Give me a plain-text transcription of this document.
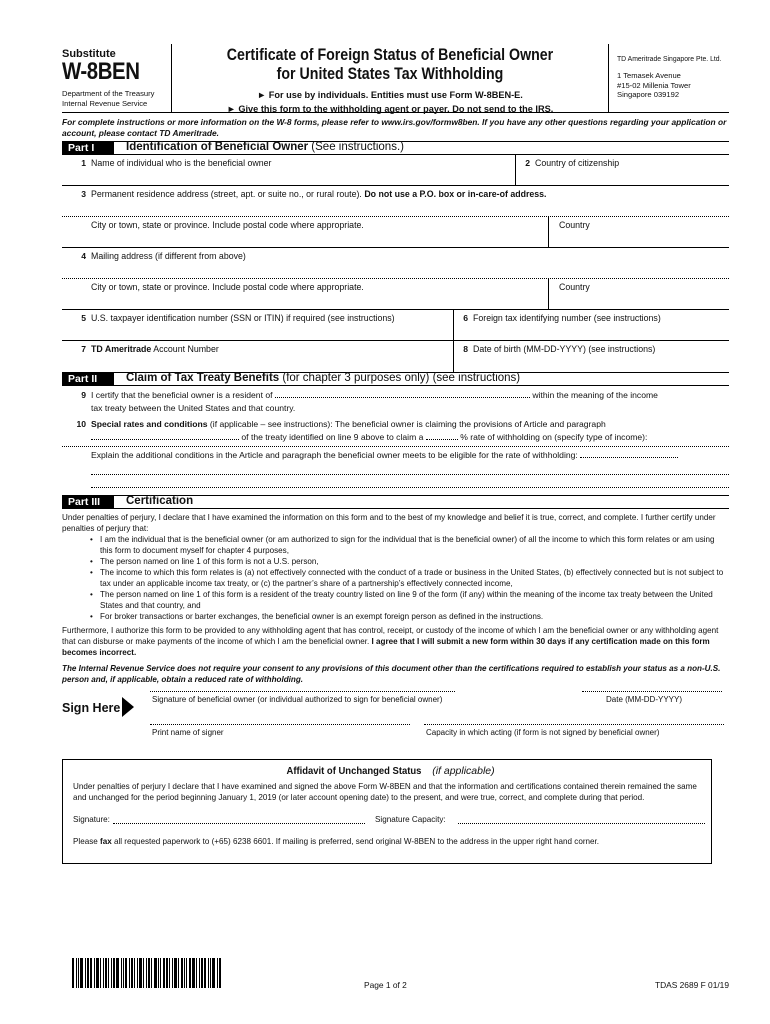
Substitute
W-8BEN
Department of the Treasury
Internal Revenue Service
Certificate of Foreign Status of Beneficial Owner
for United States Tax Withholding
► For use by individuals. Entities must use Form W-8BEN-E.
► Give this form to the withholding agent or payer. Do not send to the IRS.
TD Ameritrade Singapore Pte. Ltd.
1 Temasek Avenue
#15-02 Millenia Tower
Singapore 039192
For complete instructions or more information on the W-8 forms, please refer to www.irs.gov/formw8ben. If you have any other questions regarding your application or account, please contact TD Ameritrade.
Part I	Identification of Beneficial Owner (See instructions.)
1 Name of individual who is the beneficial owner	2 Country of citizenship
3 Permanent residence address (street, apt. or suite no., or rural route). Do not use a P.O. box or in-care-of address.
City or town, state or province. Include postal code where appropriate.	Country
4 Mailing address (if different from above)
City or town, state or province. Include postal code where appropriate.	Country
5 U.S. taxpayer identification number (SSN or ITIN) if required (see instructions)	6 Foreign tax identifying number (see instructions)
7 TD Ameritrade Account Number	8 Date of birth (MM-DD-YYYY) (see instructions)
Part II	Claim of Tax Treaty Benefits (for chapter 3 purposes only) (see instructions)
9 I certify that the beneficial owner is a resident of	within the meaning of the income
tax treaty between the United States and that country.
10 Special rates and conditions (if applicable – see instructions): The beneficial owner is claiming the provisions of Article and paragraph
of the treaty identified on line 9 above to claim a	% rate of withholding on (specify type of income):
Explain the additional conditions in the Article and paragraph the beneficial owner meets to be eligible for the rate of withholding:
Part III	Certification
Under penalties of perjury, I declare that I have examined the information on this form and to the best of my knowledge and belief it is true, correct, and complete. I further certify under penalties of perjury that:
• I am the individual that is the beneficial owner (or am authorized to sign for the individual that is the beneficial owner) of all the income to which this form relates or am using this form to document myself for chapter 4 purposes,
• The person named on line 1 of this form is not a U.S. person,
• The income to which this form relates is (a) not effectively connected with the conduct of a trade or business in the United States, (b) effectively connected but is not subject to tax under an applicable income tax treaty, or (c) the partner’s share of a partnership’s effectively connected income,
• The person named on line 1 of this form is a resident of the treaty country listed on line 9 of the form (if any) within the meaning of the income tax treaty between the United States and that country, and
• For broker transactions or barter exchanges, the beneficial owner is an exempt foreign person as defined in the instructions.
Furthermore, I authorize this form to be provided to any withholding agent that has control, receipt, or custody of the income of which I am the beneficial owner or any withholding agent that can disburse or make payments of the income of which I am the beneficial owner. I agree that I will submit a new form within 30 days if any certification made on this form becomes incorrect.
The Internal Revenue Service does not require your consent to any provisions of this document other than the certifications required to establish your status as a non-U.S. person and, if applicable, obtain a reduced rate of withholding.
Sign Here
Signature of beneficial owner (or individual authorized to sign for beneficial owner)	Date (MM-DD-YYYY)
Print name of signer	Capacity in which acting (if form is not signed by beneficial owner)
Affidavit of Unchanged Status (if applicable)
Under penalties of perjury I declare that I have examined and signed the above Form W-8BEN and that the information and certifications contained therein remained the same and unchanged for the period beginning January 1, 2019 (or later account opening date) to the present, and were true, correct, and complete during that period.
Signature:	Signature Capacity:
Please fax all requested paperwork to (+65) 6238 6601. If mailing is preferred, send original W-8BEN to the address in the upper right hand corner.
Page 1 of 2	TDAS 2689 F 01/19
